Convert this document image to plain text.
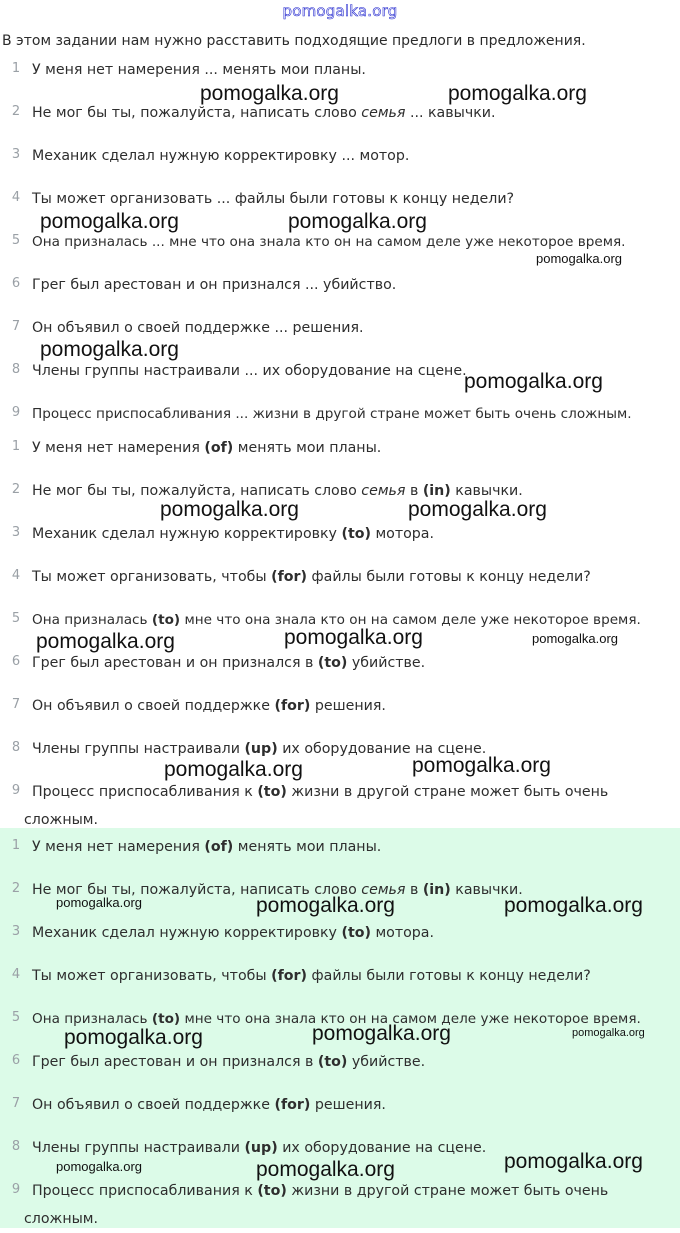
pomogalka.org
В этом задании нам нужно расставить подходящие предлоги в предложения.
1 У меня нет намерения ... менять мои планы.
2 Не мог бы ты, пожалуйста, написать слово семья ... кавычки.
3 Механик сделал нужную корректировку ... мотор.
4 Ты может организовать ... файлы были готовы к концу недели?
5 Она призналась ... мне что она знала кто он на самом деле уже некоторое время.
6 Грег был арестован и он признался ... убийство.
7 Он объявил о своей поддержке ... решения.
8 Члены группы настраивали ... их оборудование на сцене.
9 Процесс приспосабливания ... жизни в другой стране может быть очень сложным.
1 У меня нет намерения (of) менять мои планы.
2 Не мог бы ты, пожалуйста, написать слово семья в (in) кавычки.
3 Механик сделал нужную корректировку (to) мотора.
4 Ты может организовать, чтобы (for) файлы были готовы к концу недели?
5 Она призналась (to) мне что она знала кто он на самом деле уже некоторое время.
6 Грег был арестован и он признался в (to) убийстве.
7 Он объявил о своей поддержке (for) решения.
8 Члены группы настраивали (up) их оборудование на сцене.
9 Процесс приспосабливания к (to) жизни в другой стране может быть очень
сложным.
1 У меня нет намерения (of) менять мои планы.
2 Не мог бы ты, пожалуйста, написать слово семья в (in) кавычки.
3 Механик сделал нужную корректировку (to) мотора.
4 Ты может организовать, чтобы (for) файлы были готовы к концу недели?
5 Она призналась (to) мне что она знала кто он на самом деле уже некоторое время.
6 Грег был арестован и он признался в (to) убийстве.
7 Он объявил о своей поддержке (for) решения.
8 Члены группы настраивали (up) их оборудование на сцене.
9 Процесс приспосабливания к (to) жизни в другой стране может быть очень
сложным.
pomogalka.org	pomogalka.org
pomogalka.org	pomogalka.org
pomogalka.org
pomogalka.org
pomogalka.org
pomogalka.org	pomogalka.org
pomogalka.org	pomogalka.org	pomogalka.org
pomogalka.org	pomogalka.org
pomogalka.org	pomogalka.org	pomogalka.org
pomogalka.org	pomogalka.org	pomogalka.org
pomogalka.org	pomogalka.org	pomogalka.org
